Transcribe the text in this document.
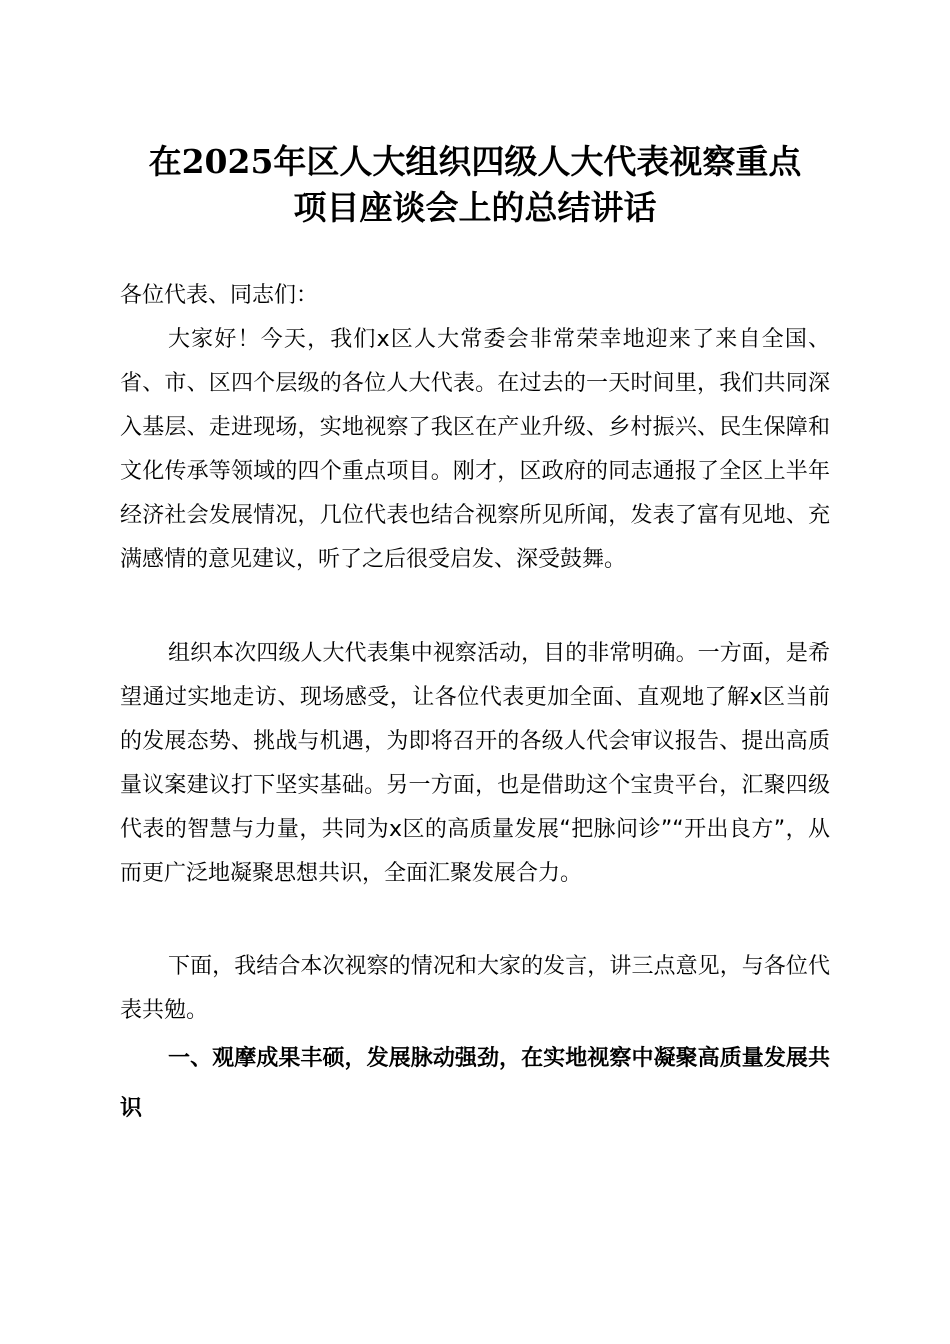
在2025年区人大组织四级人大代表视察重点
项目座谈会上的总结讲话
各位代表、同志们：

大家好！今天，我们x区人大常委会非常荣幸地迎来了来自全国、省、市、区四个层级的各位人大代表。在过去的一天时间里，我们共同深入基层、走进现场，实地视察了我区在产业升级、乡村振兴、民生保障和文化传承等领域的四个重点项目。刚才，区政府的同志通报了全区上半年经济社会发展情况，几位代表也结合视察所见所闻，发表了富有见地、充满感情的意见建议，听了之后很受启发、深受鼓舞。

组织本次四级人大代表集中视察活动，目的非常明确。一方面，是希望通过实地走访、现场感受，让各位代表更加全面、直观地了解x区当前的发展态势、挑战与机遇，为即将召开的各级人代会审议报告、提出高质量议案建议打下坚实基础。另一方面，也是借助这个宝贵平台，汇聚四级代表的智慧与力量，共同为x区的高质量发展“把脉问诊”“开出良方”，从而更广泛地凝聚思想共识，全面汇聚发展合力。

下面，我结合本次视察的情况和大家的发言，讲三点意见，与各位代表共勉。

一、观摩成果丰硕，发展脉动强劲，在实地视察中凝聚高质量发展共识
